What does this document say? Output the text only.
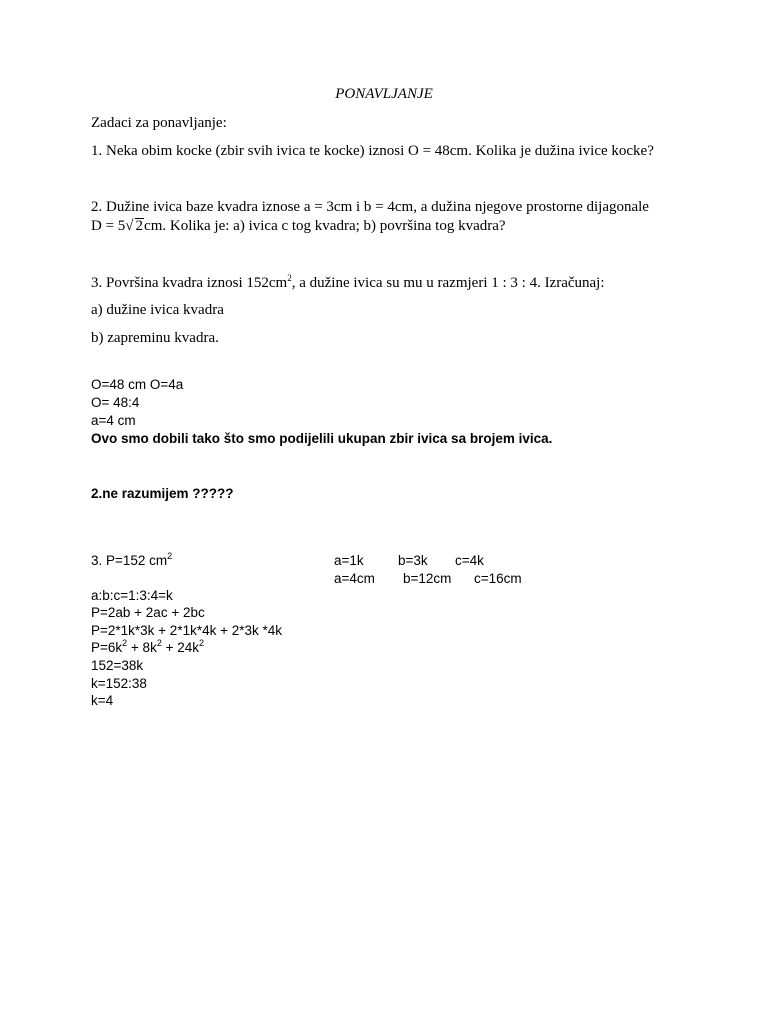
PONAVLJANJE
Zadaci za ponavljanje:
1. Neka obim kocke (zbir svih ivica te kocke) iznosi O = 48cm. Kolika je dužina ivice kocke?
2. Dužine ivica baze kvadra iznose a = 3cm i b = 4cm, a dužina njegove prostorne dijagonale
D = 5√ 2cm. Kolika je: a) ivica c tog kvadra; b) površina tog kvadra?
3. Površina kvadra iznosi $152cm^2$, a dužine ivica su mu u razmjeri 1 : 3 : 4. Izračunaj:
a) dužine ivica kvadra
b) zapreminu kvadra.
O=48 cm O=4a
O= 48:4
a=4 cm
Ovo smo dobili tako što smo podijelili ukupan zbir ivica sa brojem ivica.
2.ne razumijem ?????
3. P=152 $cm^2$	a=1k	b=3k c=4k
a=4cm b=12cm c=16cm
a:b:c=1:3:4=k
P=2ab + 2ac + 2bc
P=2*1k*3k + 2*1k*4k + 2*3k *4k
$P=6k^2 + 8k^2 + 24k^2$
152=38k
k=152:38
k=4
